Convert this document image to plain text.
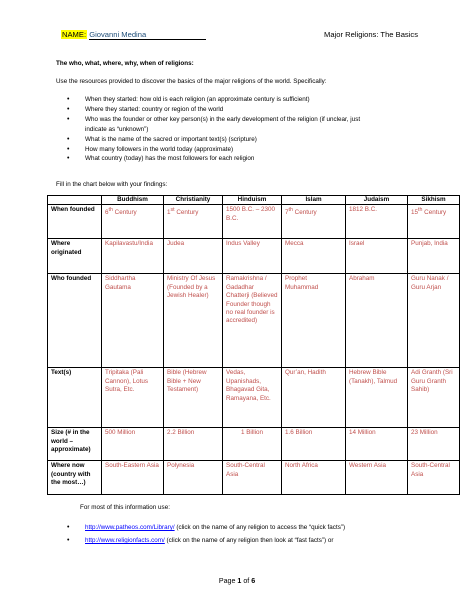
NAME: Giovanni Medina	Major Religions: The Basics
The who, what, where, why, when of religions:
Use the resources provided to discover the basics of the major religions of the world. Specifically:
• When they started: how old is each religion (an approximate century is sufficient)
• Where they started: country or region of the world
• Who was the founder or other key person(s) in the early development of the religion (if unclear, just indicate as “unknown”)
• What is the name of the sacred or important text(s) (scripture)
• How many followers in the world today (approximate)
• What country (today) has the most followers for each religion
Fill in the chart below with your findings:
	Buddhism	Christianity	Hinduism	Islam	Judaism	Sikhism
When founded	6th Century	1st Century	1500 B.C. – 2300 B.C.	7th Century	1812 B.C.	15th Century
Where originated	Kapilavastu/India	Judea	Indus Valley	Mecca	Israel	Punjab, India
Who founded	Siddhartha Gautama	Ministry Of Jesus (Founded by a Jewish Healer)	Ramakrishna / Gadadhar Chatterji (Believed Founder though no real founder is accredited)	Prophet Muhammad	Abraham	Guru Nanak / Guru Arjan
Text(s)	Tripitaka (Pali Cannon), Lotus Sutra, Etc.	Bible (Hebrew Bible + New Testament)	Vedas, Upanishads, Bhagavad Gita, Ramayana, Etc.	Qur’an, Hadith	Hebrew Bible (Tanakh), Talmud	Adi Granth (Sri Guru Granth Sahib)
Size (# in the world – approximate)	500 Million	2.2 Billion	1 Billion	1.6 Billion	14 Million	23 Million
Where now (country with the most…)	South-Eastern Asia	Polynesia	South-Central Asia	North Africa	Western Asia	South-Central Asia
For most of this information use:
• http://www.patheos.com/Library/ (click on the name of any religion to access the “quick facts”)
• http://www.religionfacts.com/ (click on the name of any religion then look at “fast facts”) or
Page 1 of 6
